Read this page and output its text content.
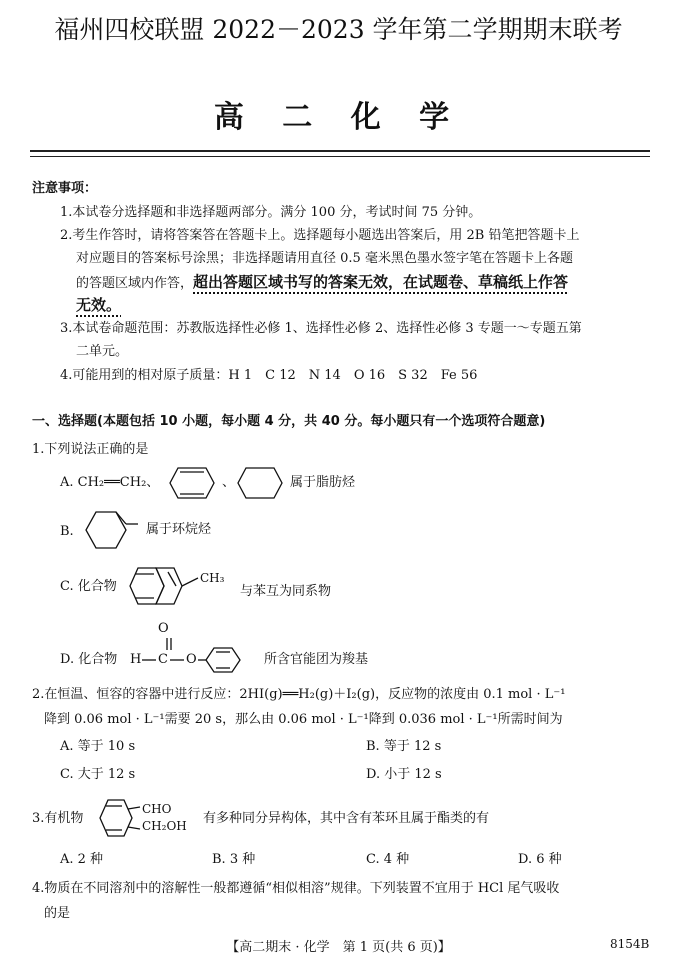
福州四校联盟 2022－2023 学年第二学期期末联考
高 二 化 学
注意事项：
1.本试卷分选择题和非选择题两部分。满分 100 分，考试时间 75 分钟。
2.考生作答时，请将答案答在答题卡上。选择题每小题选出答案后，用 2B 铅笔把答题卡上
对应题目的答案标号涂黑；非选择题请用直径 0.5 毫米黑色墨水签字笔在答题卡上各题
的答题区域内作答，超出答题区域书写的答案无效，在试题卷、草稿纸上作答
无效。
3.本试卷命题范围：苏教版选择性必修 1、选择性必修 2、选择性必修 3 专题一～专题五第
二单元。
4.可能用到的相对原子质量：H 1　C 12　N 14　O 16　S 32　Fe 56
一、选择题(本题包括 10 小题，每小题 4 分，共 40 分。每小题只有一个选项符合题意)
1.下列说法正确的是
A. CH₂══CH₂、	、	属于脂肪烃
B.	属于环烷烃
C. 化合物
CH₃
与苯互为同系物
D. 化合物 H
O
C O	所含官能团为羧基
2.在恒温、恒容的容器中进行反应：2HI(g)══H₂(g)＋I₂(g)，反应物的浓度由 0.1 mol · L⁻¹
降到 0.06 mol · L⁻¹需要 20 s，那么由 0.06 mol · L⁻¹降到 0.036 mol · L⁻¹所需时间为
A. 等于 10 s	B. 等于 12 s
C. 大于 12 s	D. 小于 12 s
3.有机物
CHO
CH₂OH 有多种同分异构体，其中含有苯环且属于酯类的有
A. 2 种	B. 3 种	C. 4 种	D. 6 种
4.物质在不同溶剂中的溶解性一般都遵循“相似相溶”规律。下列装置不宜用于 HCl 尾气吸收
的是
【高二期末 · 化学　第 1 页(共 6 页)】	8154B
